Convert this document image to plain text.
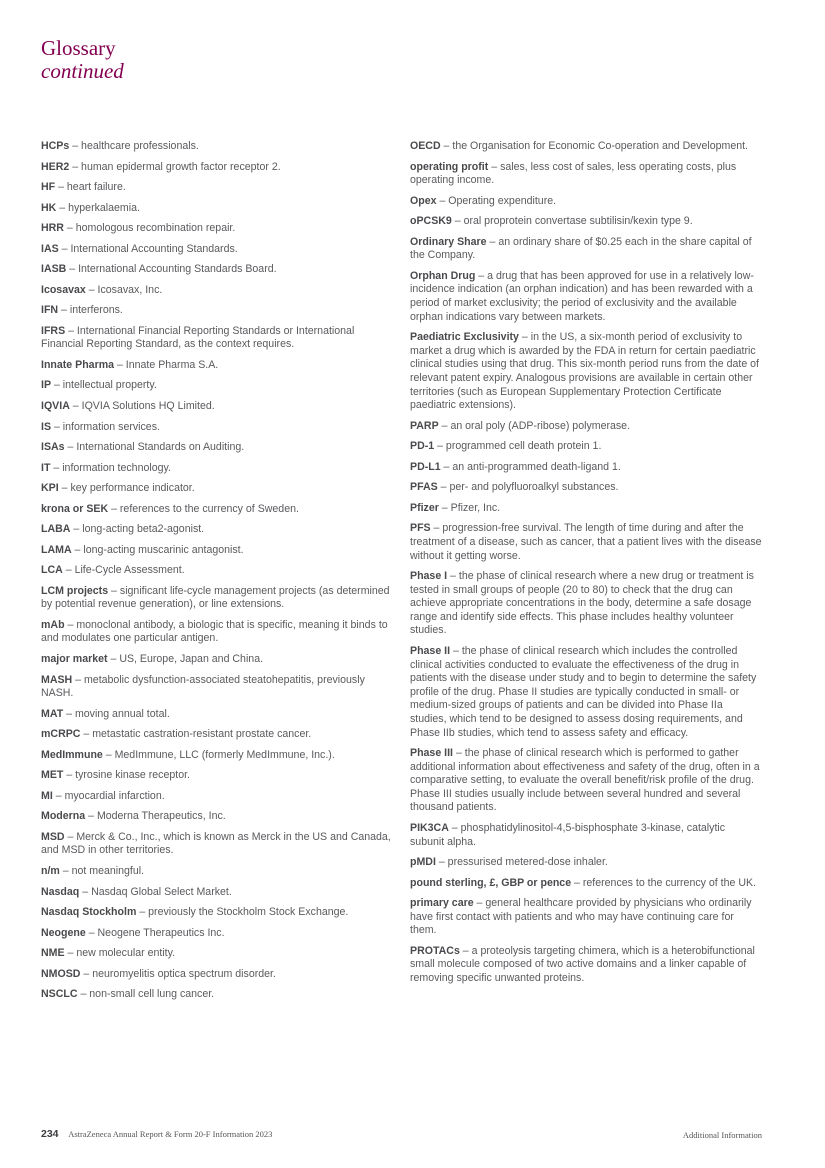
Glossary
continued

HCPs – healthcare professionals.

HER2 – human epidermal growth factor receptor 2.

HF – heart failure.

HK – hyperkalaemia.

HRR – homologous recombination repair.

IAS – International Accounting Standards.

IASB – International Accounting Standards Board.

Icosavax – Icosavax, Inc.

IFN – interferons.

IFRS – International Financial Reporting Standards or International Financial Reporting Standard, as the context requires.

Innate Pharma – Innate Pharma S.A.

IP – intellectual property.

IQVIA – IQVIA Solutions HQ Limited.

IS – information services.

ISAs – International Standards on Auditing.

IT – information technology.

KPI – key performance indicator.

krona or SEK – references to the currency of Sweden.

LABA – long-acting beta2-agonist.

LAMA – long-acting muscarinic antagonist.

LCA – Life-Cycle Assessment.

LCM projects – significant life-cycle management projects (as determined by potential revenue generation), or line extensions.

mAb – monoclonal antibody, a biologic that is specific, meaning it binds to and modulates one particular antigen.

major market – US, Europe, Japan and China.

MASH – metabolic dysfunction-associated steatohepatitis, previously NASH.

MAT – moving annual total.

mCRPC – metastatic castration-resistant prostate cancer.

MedImmune – MedImmune, LLC (formerly MedImmune, Inc.).

MET – tyrosine kinase receptor.

MI – myocardial infarction.

Moderna – Moderna Therapeutics, Inc.

MSD – Merck & Co., Inc., which is known as Merck in the US and Canada, and MSD in other territories.

n/m – not meaningful.

Nasdaq – Nasdaq Global Select Market.

Nasdaq Stockholm – previously the Stockholm Stock Exchange.

Neogene – Neogene Therapeutics Inc.

NME – new molecular entity.

NMOSD – neuromyelitis optica spectrum disorder.

NSCLC – non-small cell lung cancer.

OECD – the Organisation for Economic Co-operation and Development.

operating profit – sales, less cost of sales, less operating costs, plus operating income.

Opex – Operating expenditure.

oPCSK9 – oral proprotein convertase subtilisin/kexin type 9.

Ordinary Share – an ordinary share of $0.25 each in the share capital of the Company.

Orphan Drug – a drug that has been approved for use in a relatively low-incidence indication (an orphan indication) and has been rewarded with a period of market exclusivity; the period of exclusivity and the available orphan indications vary between markets.

Paediatric Exclusivity – in the US, a six-month period of exclusivity to market a drug which is awarded by the FDA in return for certain paediatric clinical studies using that drug. This six-month period runs from the date of relevant patent expiry. Analogous provisions are available in certain other territories (such as European Supplementary Protection Certificate paediatric extensions).

PARP – an oral poly (ADP-ribose) polymerase.

PD-1 – programmed cell death protein 1.

PD-L1 – an anti-programmed death-ligand 1.

PFAS – per- and polyfluoroalkyl substances.

Pfizer – Pfizer, Inc.

PFS – progression-free survival. The length of time during and after the treatment of a disease, such as cancer, that a patient lives with the disease without it getting worse.

Phase I – the phase of clinical research where a new drug or treatment is tested in small groups of people (20 to 80) to check that the drug can achieve appropriate concentrations in the body, determine a safe dosage range and identify side effects. This phase includes healthy volunteer studies.

Phase II – the phase of clinical research which includes the controlled clinical activities conducted to evaluate the effectiveness of the drug in patients with the disease under study and to begin to determine the safety profile of the drug. Phase II studies are typically conducted in small- or medium-sized groups of patients and can be divided into Phase IIa studies, which tend to be designed to assess dosing requirements, and Phase IIb studies, which tend to assess safety and efficacy.

Phase III – the phase of clinical research which is performed to gather additional information about effectiveness and safety of the drug, often in a comparative setting, to evaluate the overall benefit/risk profile of the drug. Phase III studies usually include between several hundred and several thousand patients.

PIK3CA – phosphatidylinositol-4,5-bisphosphate 3-kinase, catalytic subunit alpha.

pMDI – pressurised metered-dose inhaler.

pound sterling, £, GBP or pence – references to the currency of the UK.

primary care – general healthcare provided by physicians who ordinarily have first contact with patients and who may have continuing care for them.

PROTACs – a proteolysis targeting chimera, which is a heterobifunctional small molecule composed of two active domains and a linker capable of removing specific unwanted proteins.

234 AstraZeneca Annual Report & Form 20-F Information 2023	Additional Information
